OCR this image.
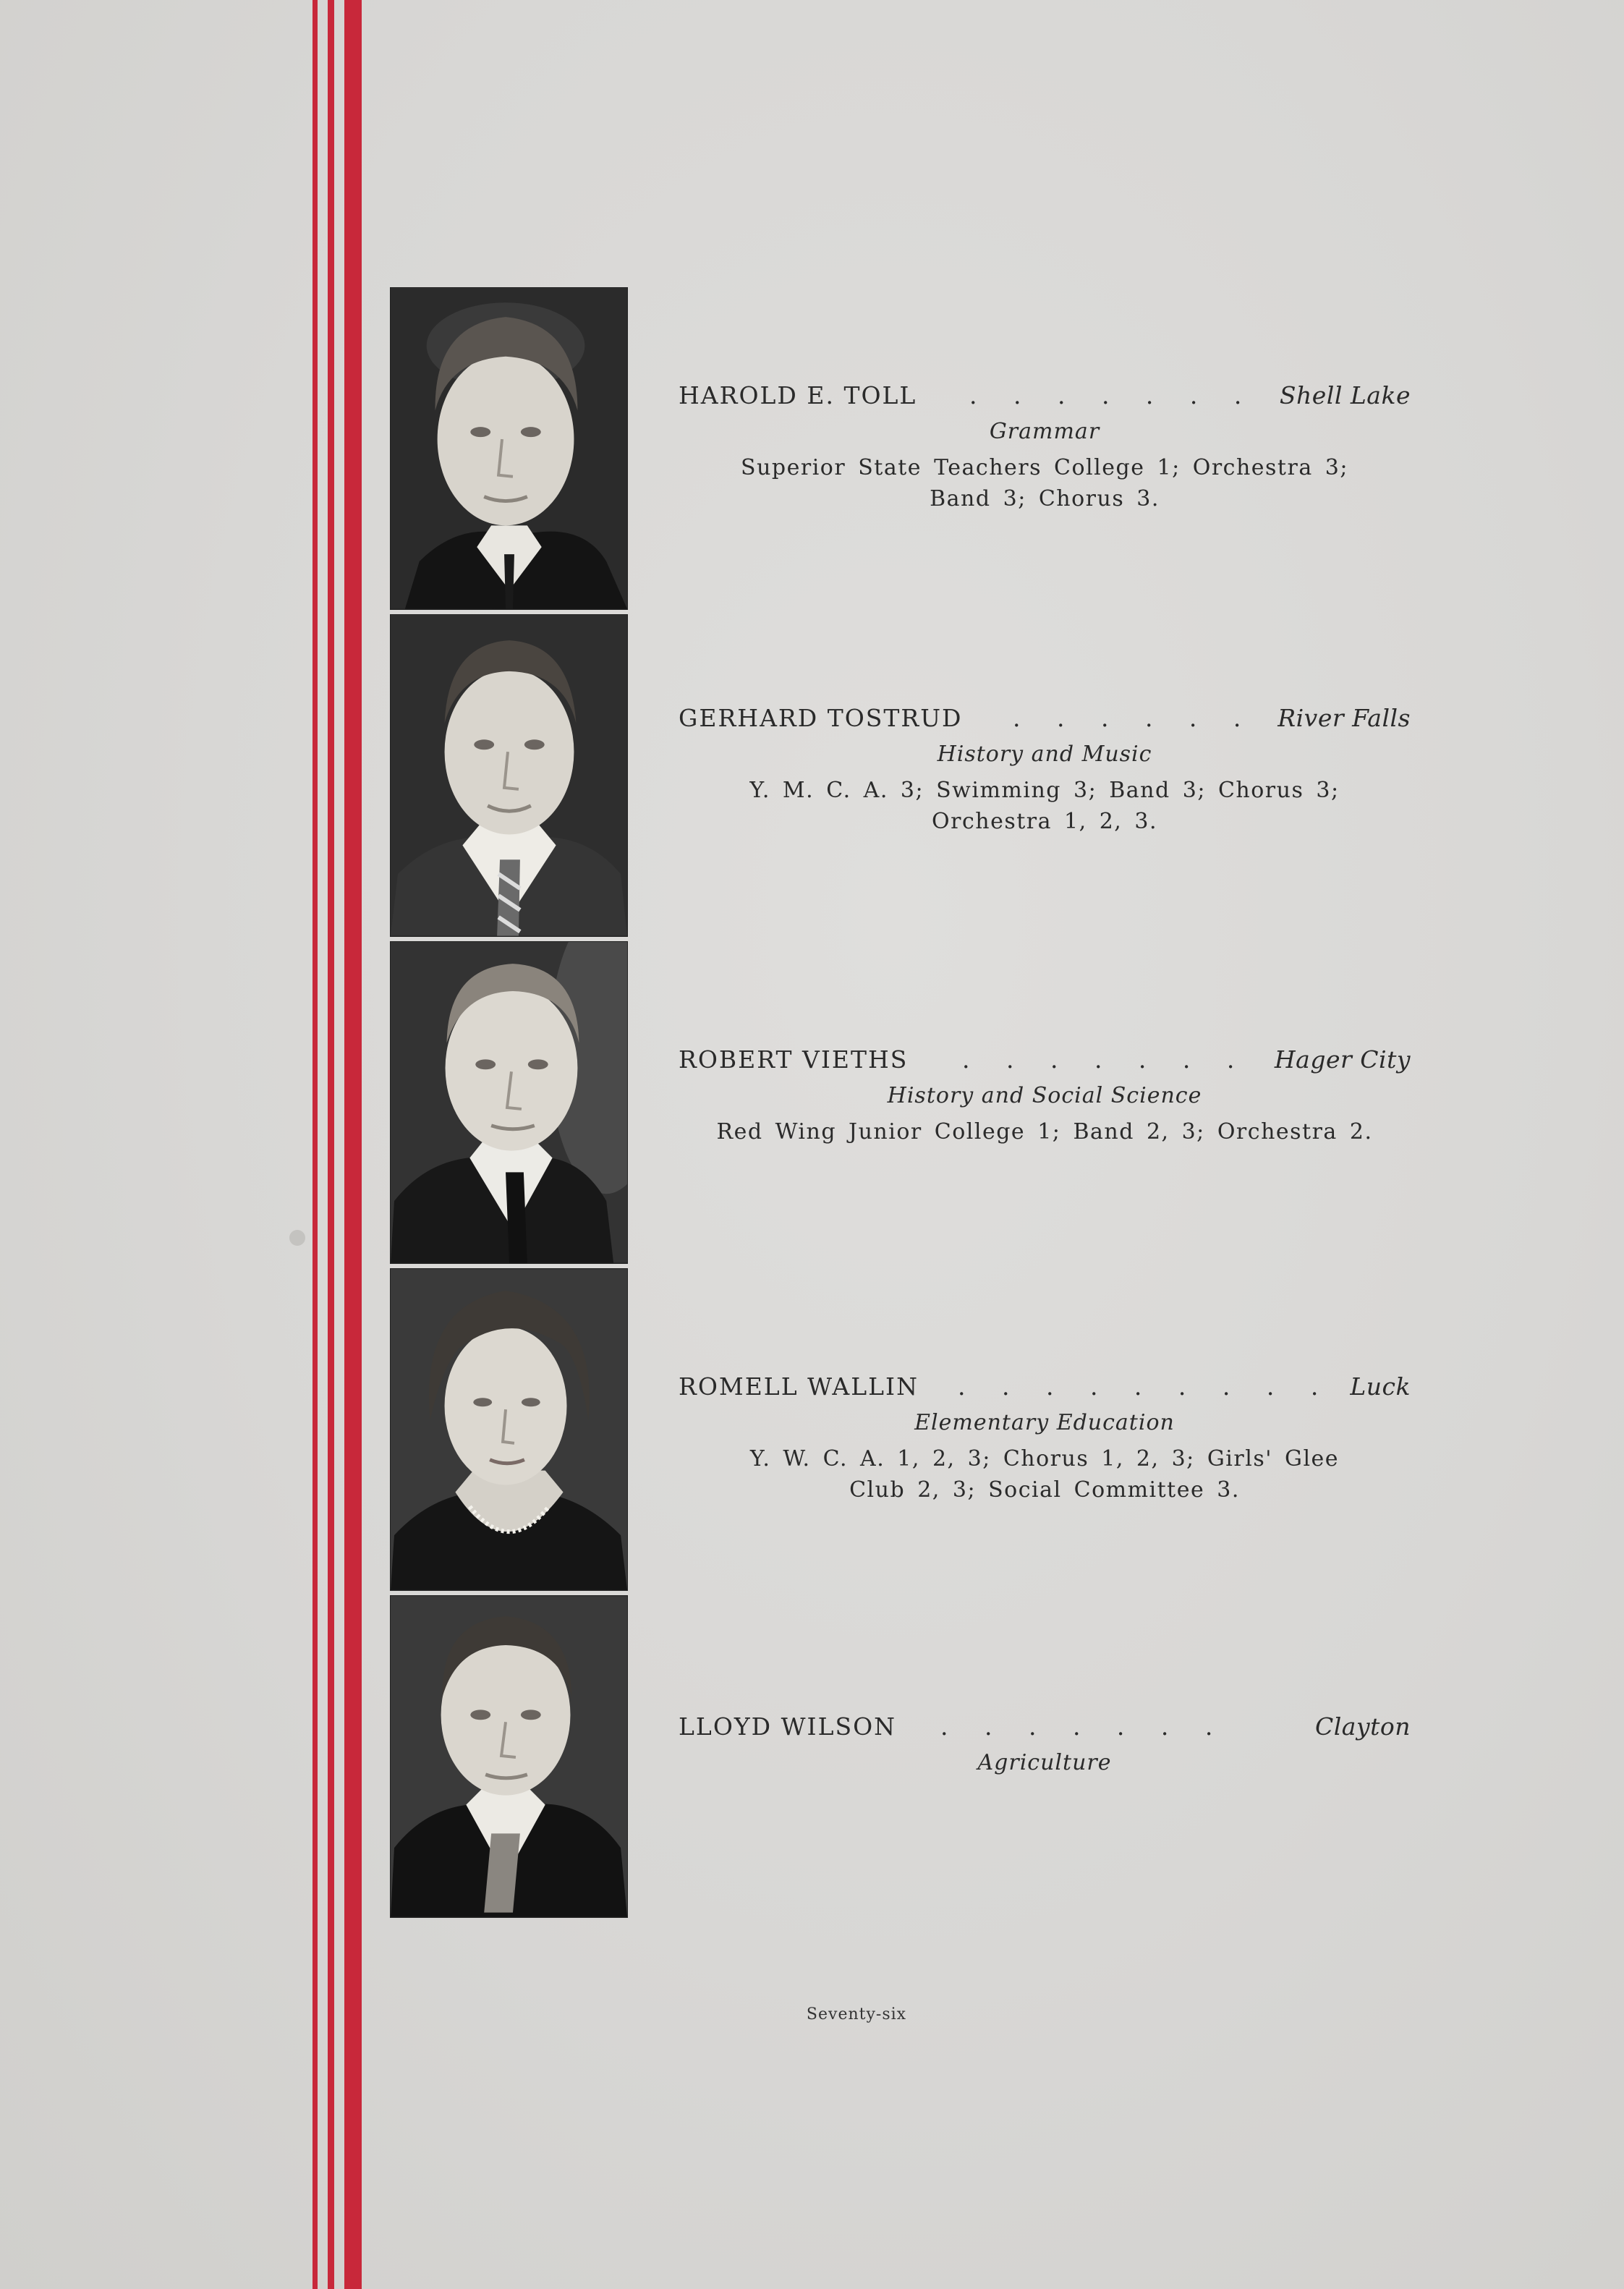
HAROLD E. TOLL . . . . . . . Shell Lake
Grammar
Superior State Teachers College 1; Orchestra 3;
Band 3; Chorus 3.
GERHARD TOSTRUD . . . . . . River Falls
History and Music
Y. M. C. A. 3; Swimming 3; Band 3; Chorus 3;
Orchestra 1, 2, 3.
ROBERT VIETHS . . . . . . . Hager City
History and Social Science
Red Wing Junior College 1; Band 2, 3; Orchestra 2.
ROMELL WALLIN . . . . . . . . . Luck
Elementary Education
Y. W. C. A. 1, 2, 3; Chorus 1, 2, 3; Girls' Glee
Club 2, 3; Social Committee 3.
LLOYD WILSON . . . . . . .	Clayton
Agriculture
Seventy-six
